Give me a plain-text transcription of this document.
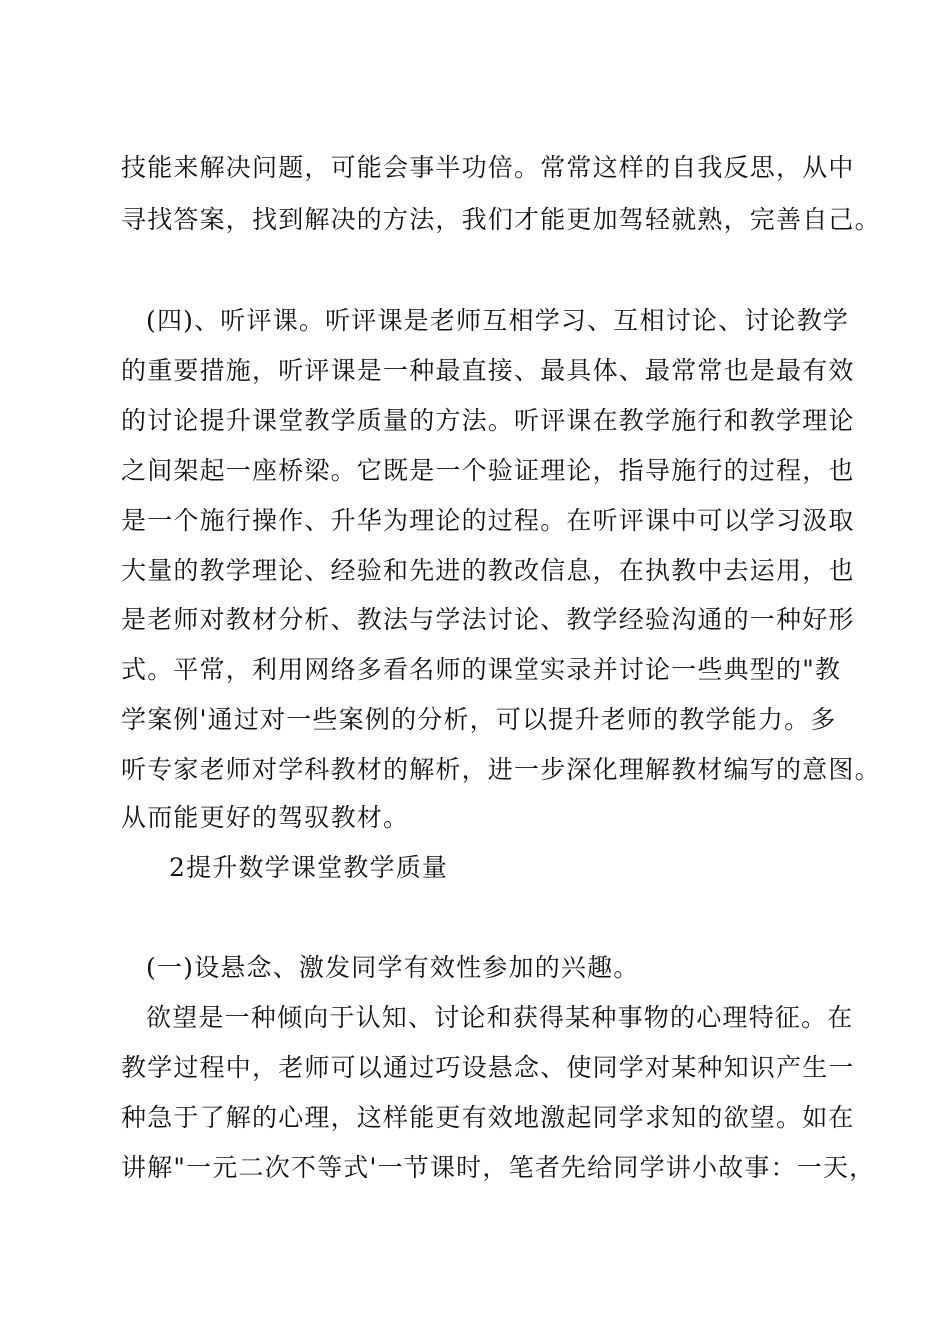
技能来解决问题，可能会事半功倍。常常这样的自我反思，从中
寻找答案，找到解决的方法，我们才能更加驾轻就熟，完善自己。
(四)、听评课。听评课是老师互相学习、互相讨论、讨论教学
的重要措施，听评课是一种最直接、最具体、最常常也是最有效
的讨论提升课堂教学质量的方法。听评课在教学施行和教学理论
之间架起一座桥梁。它既是一个验证理论，指导施行的过程，也
是一个施行操作、升华为理论的过程。在听评课中可以学习汲取
大量的教学理论、经验和先进的教改信息，在执教中去运用，也
是老师对教材分析、教法与学法讨论、教学经验沟通的一种好形
式。平常，利用网络多看名师的课堂实录并讨论一些典型的"教
学案例'通过对一些案例的分析，可以提升老师的教学能力。多
听专家老师对学科教材的解析，进一步深化理解教材编写的意图。
从而能更好的驾驭教材。
2提升数学课堂教学质量
(一)设悬念、激发同学有效性参加的兴趣。
欲望是一种倾向于认知、讨论和获得某种事物的心理特征。在
教学过程中，老师可以通过巧设悬念、使同学对某种知识产生一
种急于了解的心理，这样能更有效地激起同学求知的欲望。如在
讲解"一元二次不等式'一节课时，笔者先给同学讲小故事：一天，
